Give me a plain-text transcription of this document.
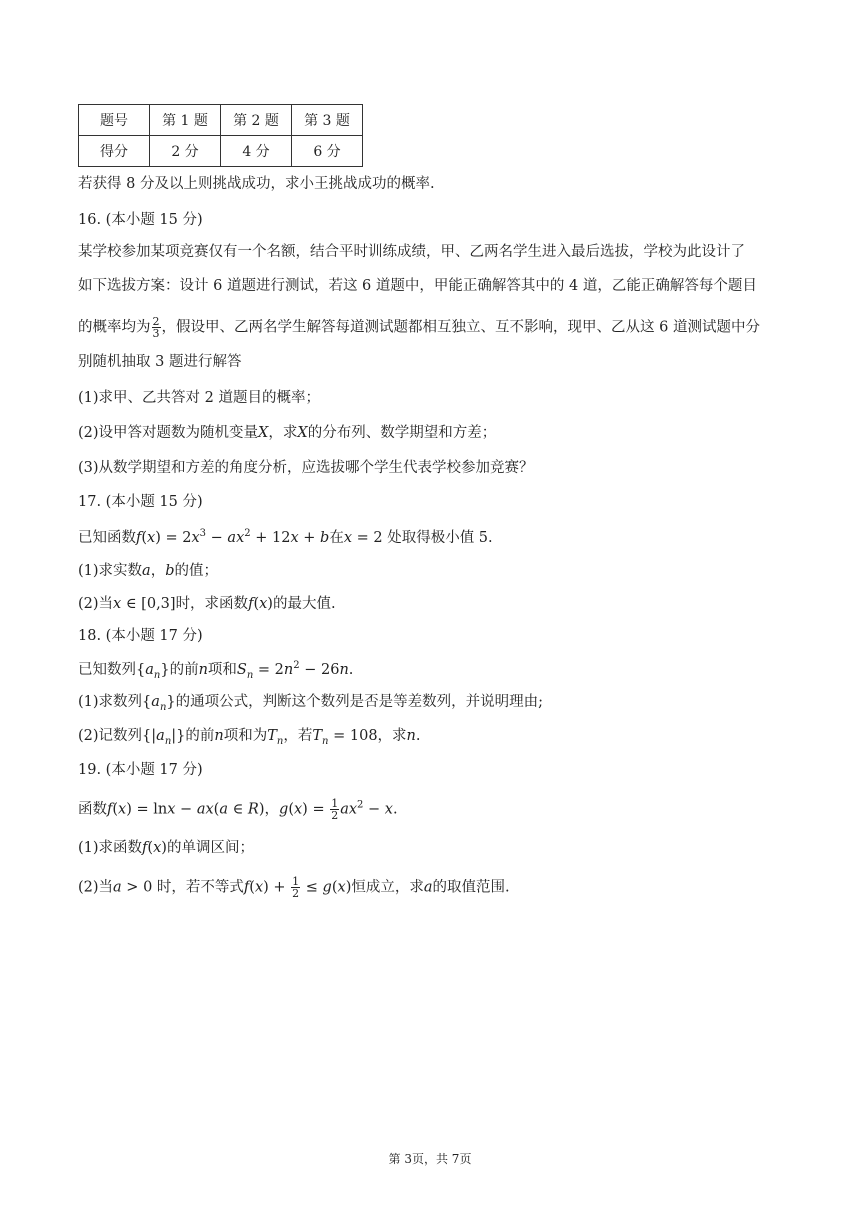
题号	第 1 题	第 2 题	第 3 题
得分	2 分	4 分	6 分
若获得 8 分及以上则挑战成功，求小王挑战成功的概率.
16. (本小题 15 分)
某学校参加某项竞赛仅有一个名额，结合平时训练成绩，甲、乙两名学生进入最后选拔，学校为此设计了
如下选拔方案：设计 6 道题进行测试，若这 6 道题中，甲能正确解答其中的 4 道，乙能正确解答每个题目
的概率均为 $\frac{2}{3}$ ，假设甲、乙两名学生解答每道测试题都相互独立、互不影响，现甲、乙从这 6 道测试题中分
别随机抽取 3 题进行解答
(1)求甲、乙共答对 2 道题目的概率；
(2)设甲答对题数为随机变量X，求X的分布列、数学期望和方差；
(3)从数学期望和方差的角度分析，应选拔哪个学生代表学校参加竞赛？
17. (本小题 15 分)
已知函数$f(x) = 2x^3 - ax^2 + 12x + b$在x = 2 处取得极小值 5.
(1)求实数a，b的值；
(2)当x ∈ [0,3]时，求函数f(x)的最大值.
18. (本小题 17 分)
已知数列$\{a_n\}$的前n项和$S_n = 2n^2 - 26n$.
(1)求数列$\{a_n\}$的通项公式，判断这个数列是否是等差数列，并说明理由;
(2)记数列$\{|a_n|\}$的前n项和为$T_n$，若$T_n = 108$，求n.
19. (本小题 17 分)
函数f(x) = lnx − ax(a ∈ R)，$g(x) = \frac{1}{2} ax^2 - x$.
(1)求函数f(x)的单调区间；
(2)当a > 0 时，若不等式$f(x) + \frac{1}{2} \le g(x)$恒成立，求a的取值范围.
第 3页，共 7页
